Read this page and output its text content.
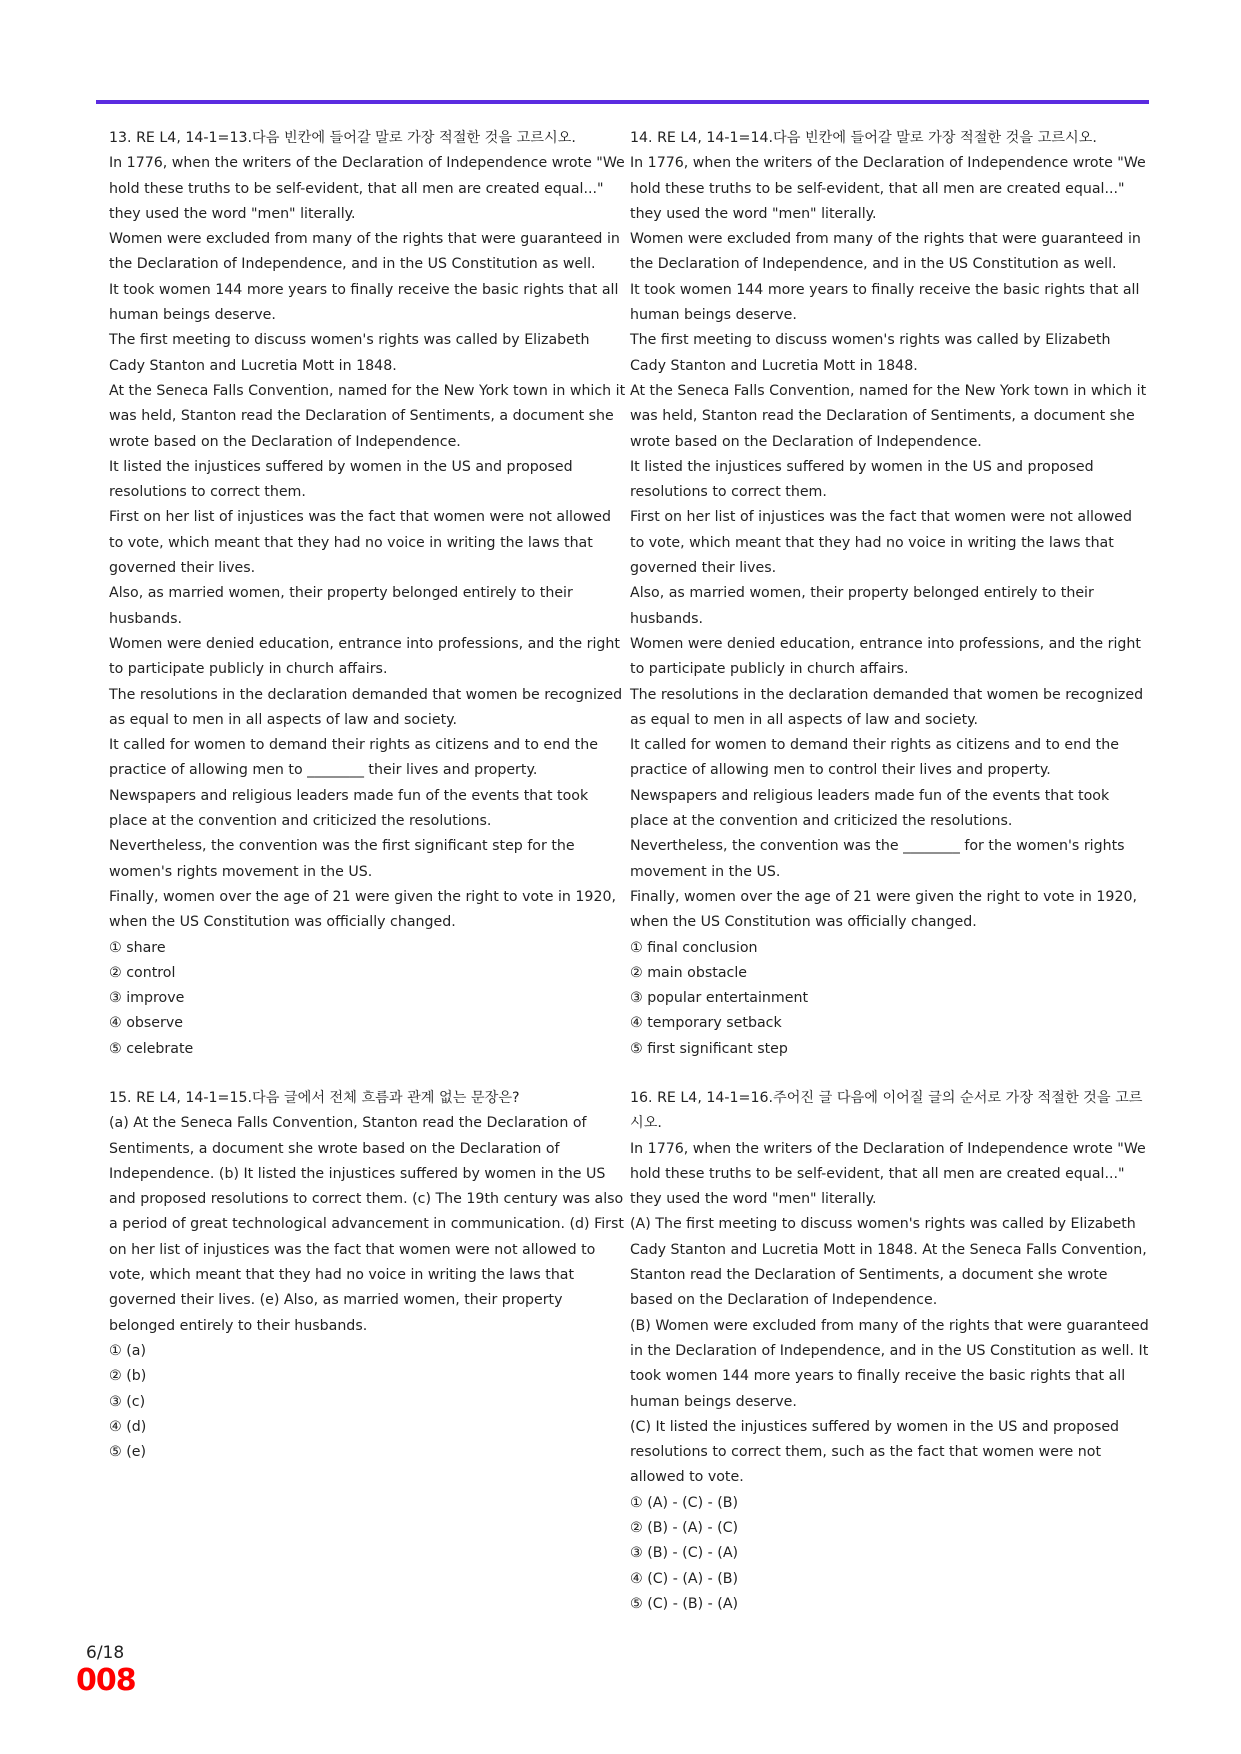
13. RE L4, 14-1=13.다음 빈칸에 들어갈 말로 가장 적절한 것을 고르시오.

In 1776, when the writers of the Declaration of Independence wrote "We hold these truths to be self-evident, that all men are created equal..." they used the word "men" literally.

Women were excluded from many of the rights that were guaranteed in the Declaration of Independence, and in the US Constitution as well.

It took women 144 more years to finally receive the basic rights that all human beings deserve.

The first meeting to discuss women's rights was called by Elizabeth Cady Stanton and Lucretia Mott in 1848.

At the Seneca Falls Convention, named for the New York town in which it was held, Stanton read the Declaration of Sentiments, a document she wrote based on the Declaration of Independence.

It listed the injustices suffered by women in the US and proposed resolutions to correct them.

First on her list of injustices was the fact that women were not allowed to vote, which meant that they had no voice in writing the laws that governed their lives.

Also, as married women, their property belonged entirely to their husbands.

Women were denied education, entrance into professions, and the right to participate publicly in church affairs.

The resolutions in the declaration demanded that women be recognized as equal to men in all aspects of law and society.

It called for women to demand their rights as citizens and to end the practice of allowing men to ________ their lives and property.

Newspapers and religious leaders made fun of the events that took place at the convention and criticized the resolutions.

Nevertheless, the convention was the first significant step for the women's rights movement in the US.

Finally, women over the age of 21 were given the right to vote in 1920, when the US Constitution was officially changed.

① share
② control
③ improve
④ observe
⑤ celebrate

14. RE L4, 14-1=14.다음 빈칸에 들어갈 말로 가장 적절한 것을 고르시오.

In 1776, when the writers of the Declaration of Independence wrote "We hold these truths to be self-evident, that all men are created equal..." they used the word "men" literally.

Women were excluded from many of the rights that were guaranteed in the Declaration of Independence, and in the US Constitution as well.

It took women 144 more years to finally receive the basic rights that all human beings deserve.

The first meeting to discuss women's rights was called by Elizabeth Cady Stanton and Lucretia Mott in 1848.

At the Seneca Falls Convention, named for the New York town in which it was held, Stanton read the Declaration of Sentiments, a document she wrote based on the Declaration of Independence.

It listed the injustices suffered by women in the US and proposed resolutions to correct them.

First on her list of injustices was the fact that women were not allowed to vote, which meant that they had no voice in writing the laws that governed their lives.

Also, as married women, their property belonged entirely to their husbands.

Women were denied education, entrance into professions, and the right to participate publicly in church affairs.

The resolutions in the declaration demanded that women be recognized as equal to men in all aspects of law and society.

It called for women to demand their rights as citizens and to end the practice of allowing men to control their lives and property.

Newspapers and religious leaders made fun of the events that took place at the convention and criticized the resolutions.

Nevertheless, the convention was the ________ for the women's rights movement in the US.

Finally, women over the age of 21 were given the right to vote in 1920, when the US Constitution was officially changed.

① final conclusion
② main obstacle
③ popular entertainment
④ temporary setback
⑤ first significant step

15. RE L4, 14-1=15.다음 글에서 전체 흐름과 관계 없는 문장은?

(a) At the Seneca Falls Convention, Stanton read the Declaration of Sentiments, a document she wrote based on the Declaration of Independence. (b) It listed the injustices suffered by women in the US and proposed resolutions to correct them. (c) The 19th century was also a period of great technological advancement in communication. (d) First on her list of injustices was the fact that women were not allowed to vote, which meant that they had no voice in writing the laws that governed their lives. (e) Also, as married women, their property belonged entirely to their husbands.

① (a)
② (b)
③ (c)
④ (d)
⑤ (e)

16. RE L4, 14-1=16.주어진 글 다음에 이어질 글의 순서로 가장 적절한 것을 고르시오.

In 1776, when the writers of the Declaration of Independence wrote "We hold these truths to be self-evident, that all men are created equal..." they used the word "men" literally.

(A) The first meeting to discuss women's rights was called by Elizabeth Cady Stanton and Lucretia Mott in 1848. At the Seneca Falls Convention, Stanton read the Declaration of Sentiments, a document she wrote based on the Declaration of Independence.

(B) Women were excluded from many of the rights that were guaranteed in the Declaration of Independence, and in the US Constitution as well. It took women 144 more years to finally receive the basic rights that all human beings deserve.

(C) It listed the injustices suffered by women in the US and proposed resolutions to correct them, such as the fact that women were not allowed to vote.

① (A) - (C) - (B)
② (B) - (A) - (C)
③ (B) - (C) - (A)
④ (C) - (A) - (B)
⑤ (C) - (B) - (A)
6/18
008
